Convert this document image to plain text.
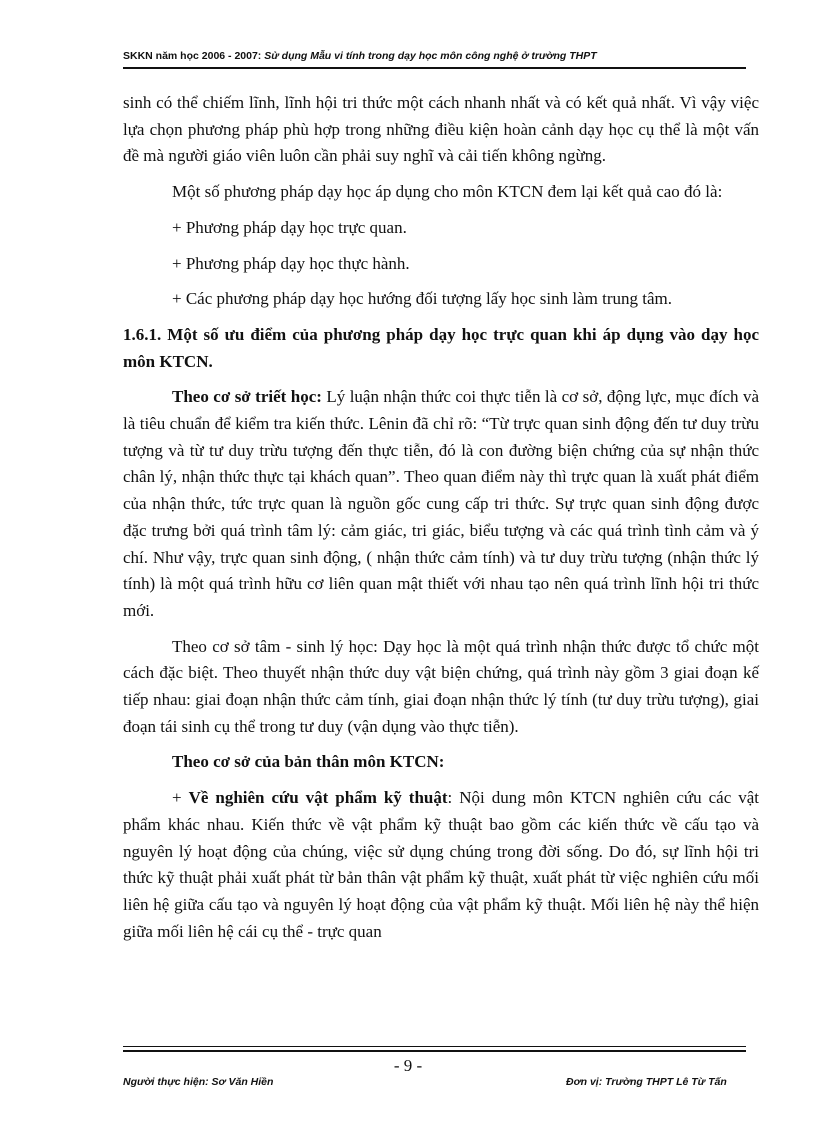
SKKN năm học 2006 - 2007: Sử dụng Mẫu vi tính trong dạy học môn công nghệ ở trường THPT

sinh có thể chiếm lĩnh, lĩnh hội tri thức một cách nhanh nhất và có kết quả nhất. Vì vậy việc lựa chọn phương pháp phù hợp trong những điều kiện hoàn cảnh dạy học cụ thể là một vấn đề mà người giáo viên luôn cần phải suy nghĩ và cải tiến không ngừng.

Một số phương pháp dạy học áp dụng cho môn KTCN đem lại kết quả cao đó là:

+ Phương pháp dạy học trực quan.

+ Phương pháp dạy học thực hành.

+ Các phương pháp dạy học hướng đối tượng lấy học sinh làm trung tâm.

1.6.1. Một số ưu điểm của phương pháp dạy học trực quan khi áp dụng vào dạy học môn KTCN.

Theo cơ sở triết học: Lý luận nhận thức coi thực tiễn là cơ sở, động lực, mục đích và là tiêu chuẩn để kiểm tra kiến thức. Lênin đã chỉ rõ: “Từ trực quan sinh động đến tư duy trừu tượng và từ tư duy trừu tượng đến thực tiễn, đó là con đường biện chứng của sự nhận thức chân lý, nhận thức thực tại khách quan”. Theo quan điểm này thì trực quan là xuất phát điểm của nhận thức, tức trực quan là nguồn gốc cung cấp tri thức. Sự trực quan sinh động được đặc trưng bởi quá trình tâm lý: cảm giác, tri giác, biểu tượng và các quá trình tình cảm và ý chí. Như vậy, trực quan sinh động, ( nhận thức cảm tính) và tư duy trừu tượng (nhận thức lý tính) là một quá trình hữu cơ liên quan mật thiết với nhau tạo nên quá trình lĩnh hội tri thức mới.

Theo cơ sở tâm - sinh lý học: Dạy học là một quá trình nhận thức được tổ chức một cách đặc biệt. Theo thuyết nhận thức duy vật biện chứng, quá trình này gồm 3 giai đoạn kế tiếp nhau: giai đoạn nhận thức cảm tính, giai đoạn nhận thức lý tính (tư duy trừu tượng), giai đoạn tái sinh cụ thể trong tư duy (vận dụng vào thực tiễn).

Theo cơ sở của bản thân môn KTCN:

+ Về nghiên cứu vật phẩm kỹ thuật: Nội dung môn KTCN nghiên cứu các vật phẩm khác nhau. Kiến thức về vật phẩm kỹ thuật bao gồm các kiến thức về cấu tạo và nguyên lý hoạt động của chúng, việc sử dụng chúng trong đời sống. Do đó, sự lĩnh hội tri thức kỹ thuật phải xuất phát từ bản thân vật phẩm kỹ thuật, xuất phát từ việc nghiên cứu mối liên hệ giữa cấu tạo và nguyên lý hoạt động của vật phẩm kỹ thuật. Mối liên hệ này thể hiện giữa mối liên hệ cái cụ thể - trực quan

- 9 -
Người thực hiện: Sơ Văn Hiền	Đơn vị: Trường THPT Lê Từ Tấn
